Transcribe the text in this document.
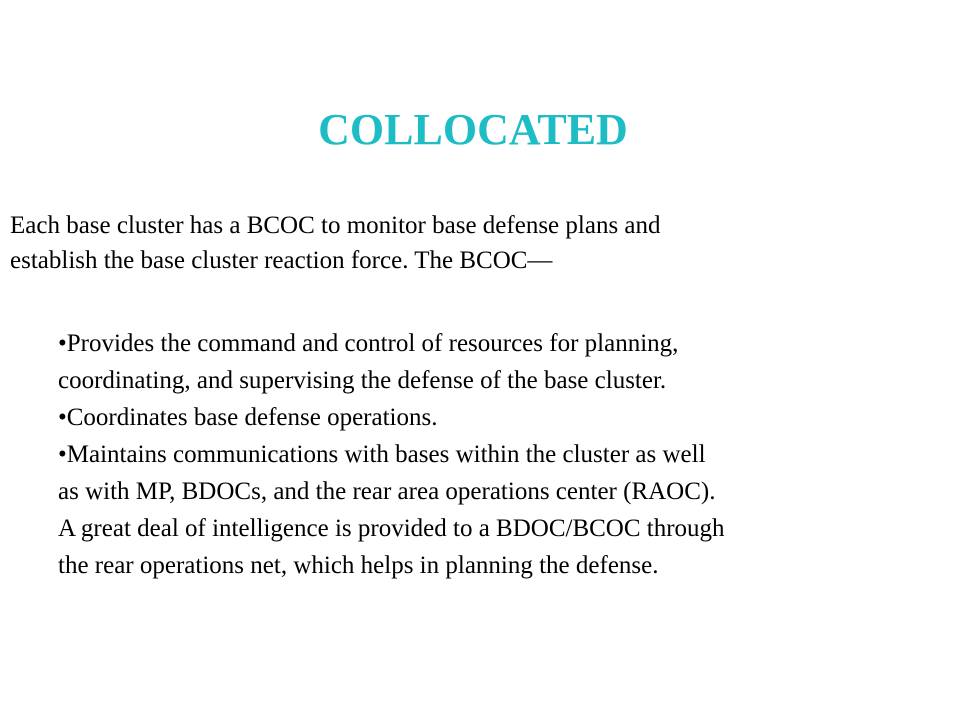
COLLOCATED

Each base cluster has a BCOC to monitor base defense plans and
establish the base cluster reaction force. The BCOC—

•Provides the command and control of resources for planning,
coordinating, and supervising the defense of the base cluster.
•Coordinates base defense operations.
•Maintains communications with bases within the cluster as well
as with MP, BDOCs, and the rear area operations center (RAOC).
A great deal of intelligence is provided to a BDOC/BCOC through
the rear operations net, which helps in planning the defense.
